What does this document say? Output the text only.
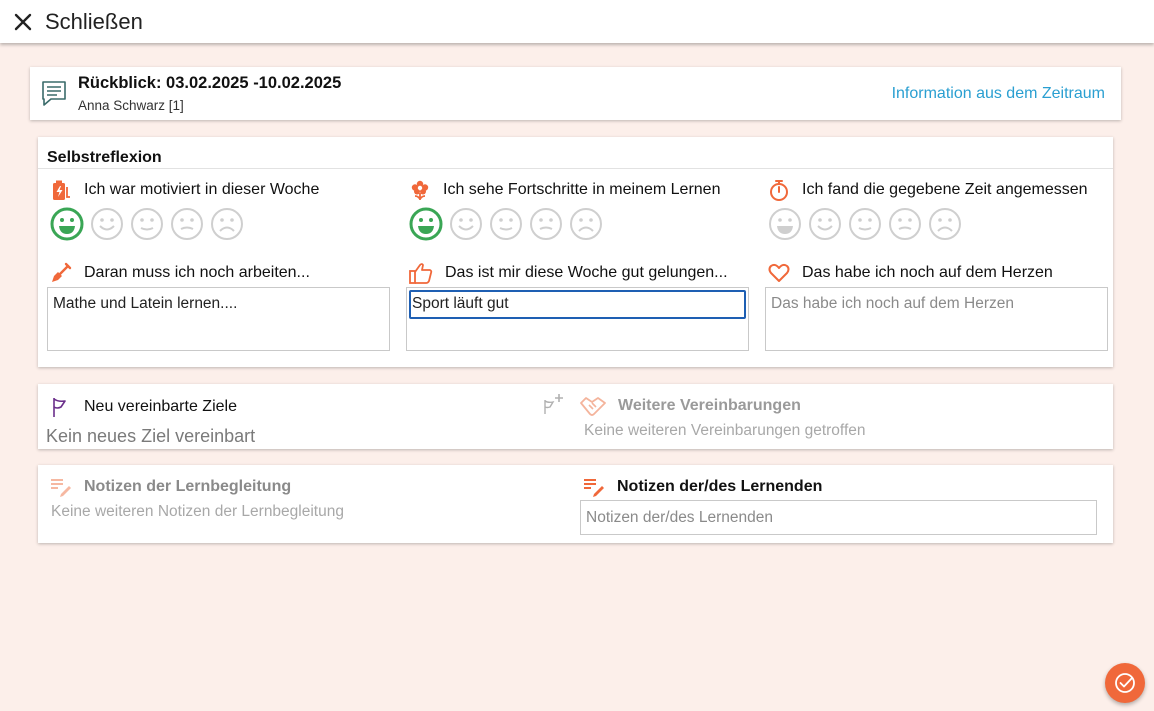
Schließen
Rückblick: 03.02.2025 -10.02.2025
Anna Schwarz [1]
Information aus dem Zeitraum
Selbstreflexion
Ich war motiviert in dieser Woche	Ich sehe Fortschritte in meinem Lernen	Ich fand die gegebene Zeit angemessen
Daran muss ich noch arbeiten...	Das ist mir diese Woche gut gelungen...	Das habe ich noch auf dem Herzen
Mathe und Latein lernen....	Sport läuft gut	Das habe ich noch auf dem Herzen
Neu vereinbarte Ziele
Kein neues Ziel vereinbart
Weitere Vereinbarungen
Keine weiteren Vereinbarungen getroffen
Notizen der Lernbegleitung
Keine weiteren Notizen der Lernbegleitung
Notizen der/des Lernenden
Notizen der/des Lernenden
